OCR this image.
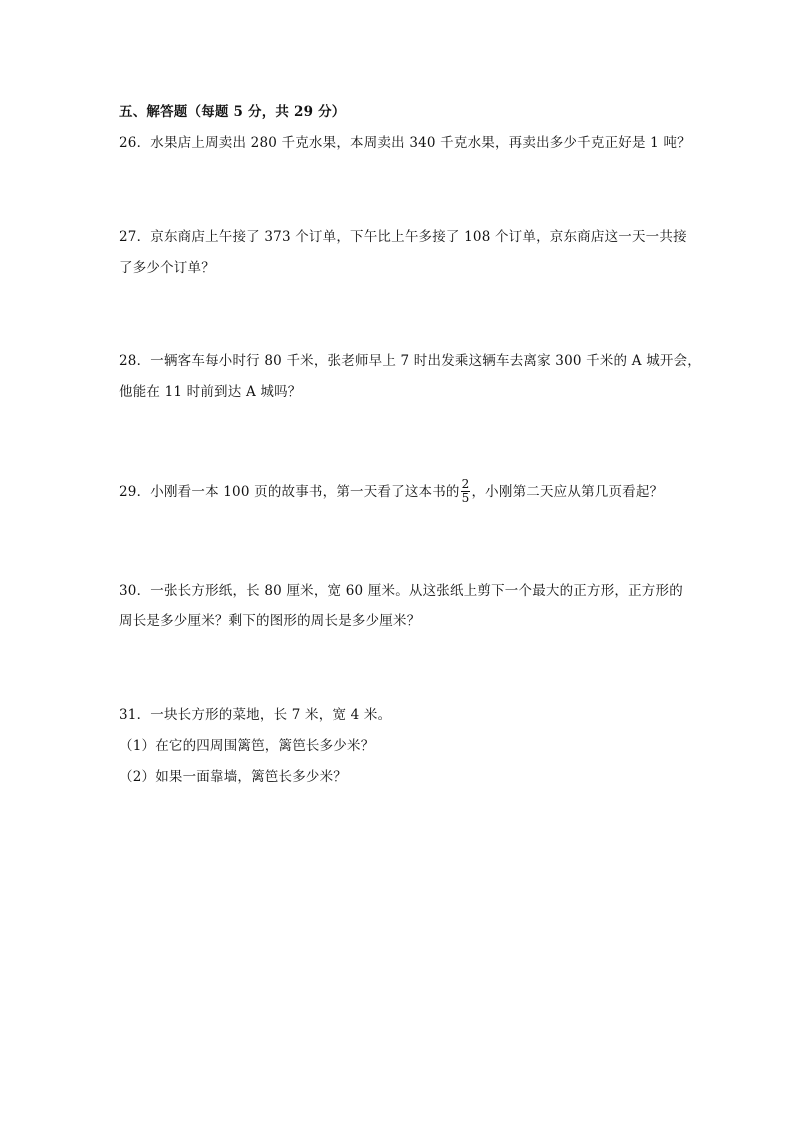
五、解答题（每题 5 分，共 29 分）
26．水果店上周卖出 280 千克水果，本周卖出 340 千克水果，再卖出多少千克正好是 1 吨？
27．京东商店上午接了 373 个订单，下午比上午多接了 108 个订单，京东商店这一天一共接
了多少个订单？
28．一辆客车每小时行 80 千米，张老师早上 7 时出发乘这辆车去离家 300 千米的 A 城开会，
他能在 11 时前到达 A 城吗？
29．小刚看一本 100 页的故事书，第一天看了这本书的 $\frac{2}{5}$ ，小刚第二天应从第几页看起？
30．一张长方形纸，长 80 厘米，宽 60 厘米。从这张纸上剪下一个最大的正方形，正方形的
周长是多少厘米？剩下的图形的周长是多少厘米？
31．一块长方形的菜地，长 7 米，宽 4 米。
（1）在它的四周围篱笆，篱笆长多少米？
（2）如果一面靠墙，篱笆长多少米？
